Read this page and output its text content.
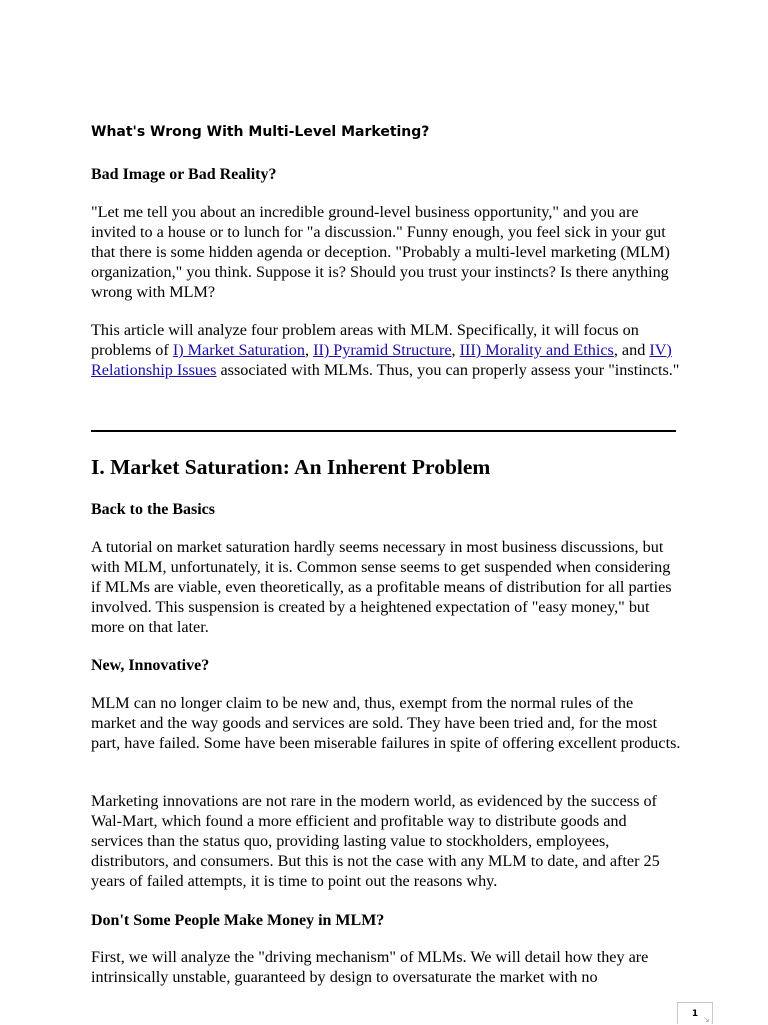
What's Wrong With Multi-Level Marketing?
Bad Image or Bad Reality?

"Let me tell you about an incredible ground-level business opportunity," and you are invited to a house or to lunch for "a discussion." Funny enough, you feel sick in your gut that there is some hidden agenda or deception. "Probably a multi-level marketing (MLM) organization," you think. Suppose it is? Should you trust your instincts? Is there anything wrong with MLM?

This article will analyze four problem areas with MLM. Specifically, it will focus on problems of I) Market Saturation, II) Pyramid Structure, III) Morality and Ethics, and IV) Relationship Issues associated with MLMs. Thus, you can properly assess your "instincts."

I. Market Saturation: An Inherent Problem
Back to the Basics

A tutorial on market saturation hardly seems necessary in most business discussions, but with MLM, unfortunately, it is. Common sense seems to get suspended when considering if MLMs are viable, even theoretically, as a profitable means of distribution for all parties involved. This suspension is created by a heightened expectation of "easy money," but more on that later.

New, Innovative?

MLM can no longer claim to be new and, thus, exempt from the normal rules of the market and the way goods and services are sold. They have been tried and, for the most part, have failed. Some have been miserable failures in spite of offering excellent products.

Marketing innovations are not rare in the modern world, as evidenced by the success of Wal-Mart, which found a more efficient and profitable way to distribute goods and services than the status quo, providing lasting value to stockholders, employees, distributors, and consumers. But this is not the case with any MLM to date, and after 25 years of failed attempts, it is time to point out the reasons why.

Don't Some People Make Money in MLM?

First, we will analyze the "driving mechanism" of MLMs. We will detail how they are intrinsically unstable, guaranteed by design to oversaturate the market with no

1
↘
